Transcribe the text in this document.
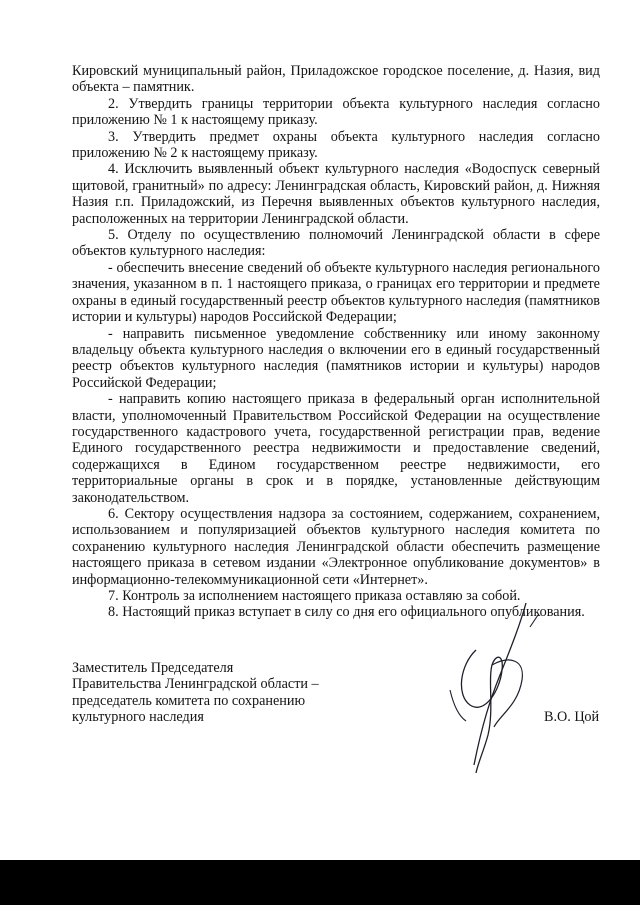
Кировский муниципальный район, Приладожское городское поселение, д. Назия, вид объекта – памятник.

2. Утвердить границы территории объекта культурного наследия согласно приложению № 1 к настоящему приказу.

3. Утвердить предмет охраны объекта культурного наследия согласно приложению № 2 к настоящему приказу.

4. Исключить выявленный объект культурного наследия «Водоспуск северный щитовой, гранитный» по адресу: Ленинградская область, Кировский район, д. Нижняя Назия г.п. Приладожский, из Перечня выявленных объектов культурного наследия, расположенных на территории Ленинградской области.

5. Отделу по осуществлению полномочий Ленинградской области в сфере объектов культурного наследия:

- обеспечить внесение сведений об объекте культурного наследия регионального значения, указанном в п. 1 настоящего приказа, о границах его территории и предмете охраны в единый государственный реестр объектов культурного наследия (памятников истории и культуры) народов Российской Федерации;

- направить письменное уведомление собственнику или иному законному владельцу объекта культурного наследия о включении его в единый государственный реестр объектов культурного наследия (памятников истории и культуры) народов Российской Федерации;

- направить копию настоящего приказа в федеральный орган исполнительной власти, уполномоченный Правительством Российской Федерации на осуществление государственного кадастрового учета, государственной регистрации прав, ведение Единого государственного реестра недвижимости и предоставление сведений, содержащихся в Едином государственном реестре недвижимости, его территориальные органы в срок и в порядке, установленные действующим законодательством.

6. Сектору осуществления надзора за состоянием, содержанием, сохранением, использованием и популяризацией объектов культурного наследия комитета по сохранению культурного наследия Ленинградской области обеспечить размещение настоящего приказа в сетевом издании «Электронное опубликование документов» в информационно-телекоммуникационной сети «Интернет».

7. Контроль за исполнением настоящего приказа оставляю за собой.

8. Настоящий приказ вступает в силу со дня его официального опубликования.

Заместитель Председателя
Правительства Ленинградской области –
председатель комитета по сохранению
культурного наследия	В.О. Цой
